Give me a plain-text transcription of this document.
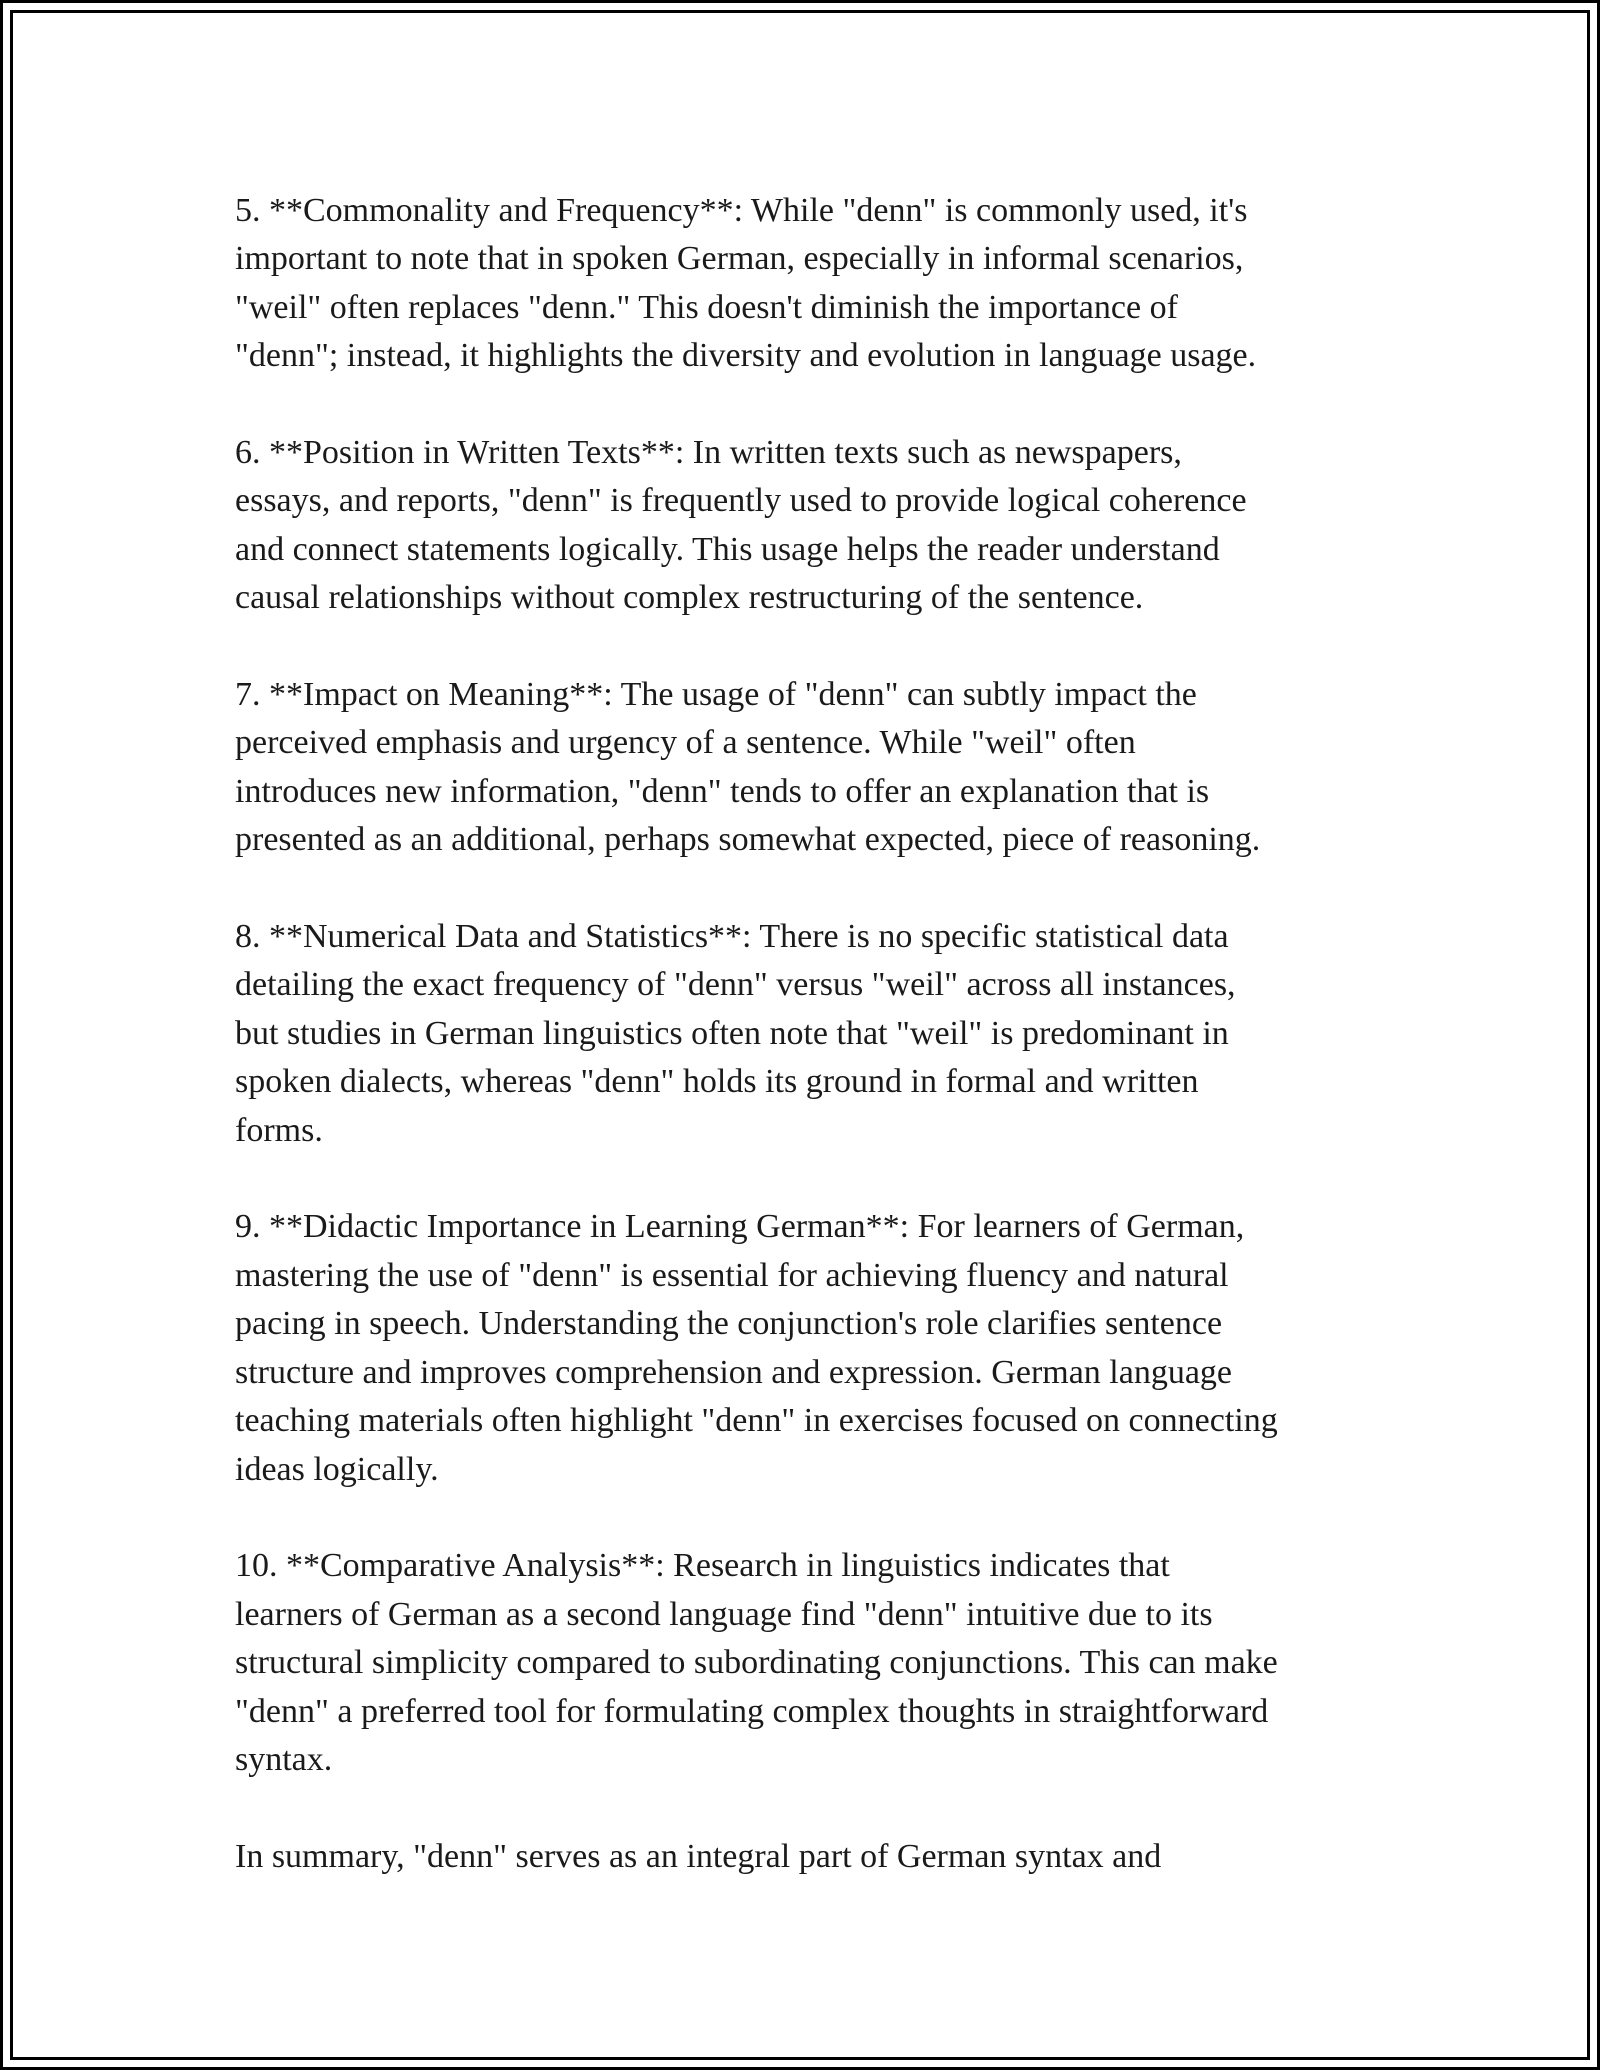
5. **Commonality and Frequency**: While "denn" is commonly used, it's
important to note that in spoken German, especially in informal scenarios,
"weil" often replaces "denn." This doesn't diminish the importance of
"denn"; instead, it highlights the diversity and evolution in language usage.

6. **Position in Written Texts**: In written texts such as newspapers,
essays, and reports, "denn" is frequently used to provide logical coherence
and connect statements logically. This usage helps the reader understand
causal relationships without complex restructuring of the sentence.

7. **Impact on Meaning**: The usage of "denn" can subtly impact the
perceived emphasis and urgency of a sentence. While "weil" often
introduces new information, "denn" tends to offer an explanation that is
presented as an additional, perhaps somewhat expected, piece of reasoning.

8. **Numerical Data and Statistics**: There is no specific statistical data
detailing the exact frequency of "denn" versus "weil" across all instances,
but studies in German linguistics often note that "weil" is predominant in
spoken dialects, whereas "denn" holds its ground in formal and written
forms.

9. **Didactic Importance in Learning German**: For learners of German,
mastering the use of "denn" is essential for achieving fluency and natural
pacing in speech. Understanding the conjunction's role clarifies sentence
structure and improves comprehension and expression. German language
teaching materials often highlight "denn" in exercises focused on connecting
ideas logically.

10. **Comparative Analysis**: Research in linguistics indicates that
learners of German as a second language find "denn" intuitive due to its
structural simplicity compared to subordinating conjunctions. This can make
"denn" a preferred tool for formulating complex thoughts in straightforward
syntax.

In summary, "denn" serves as an integral part of German syntax and
